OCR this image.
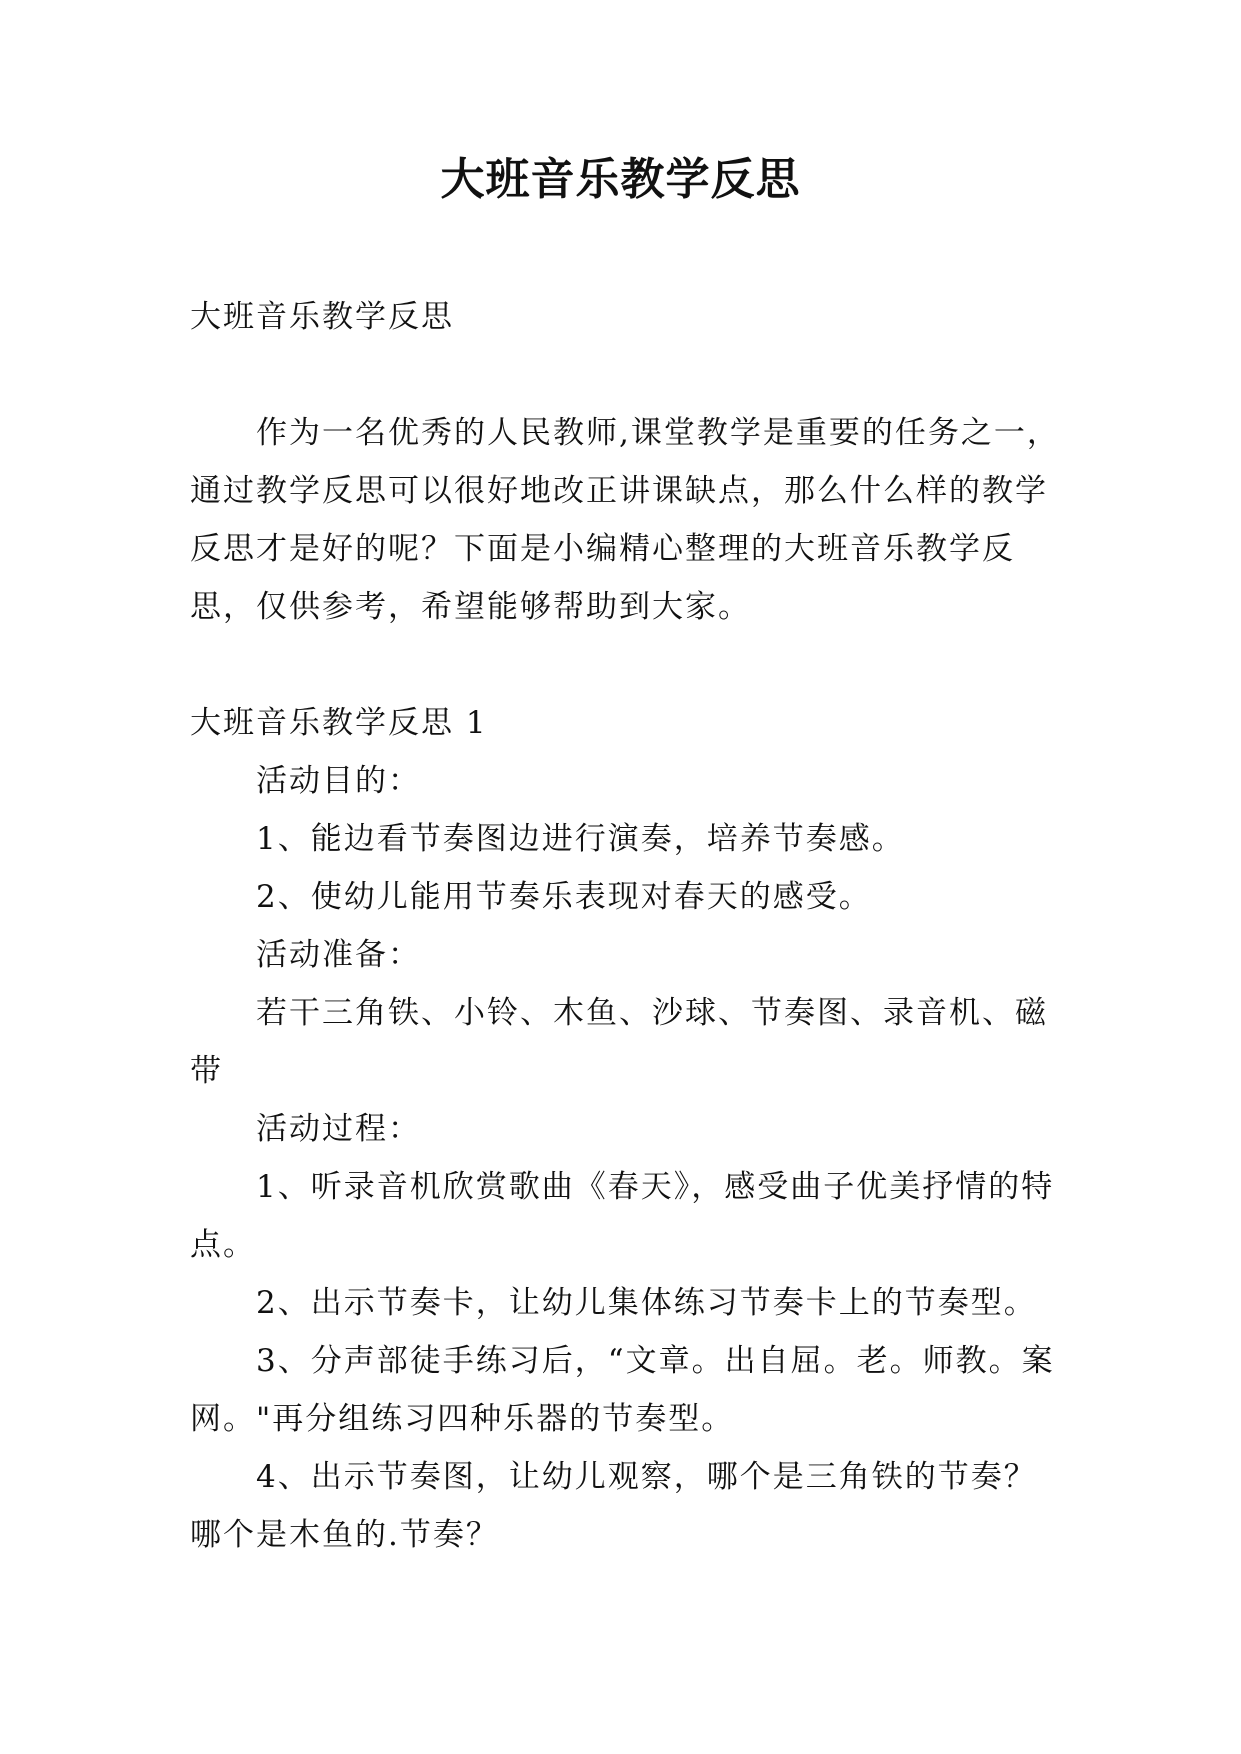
大班音乐教学反思
大班音乐教学反思
作为一名优秀的人民教师,课堂教学是重要的任务之一，
通过教学反思可以很好地改正讲课缺点，那么什么样的教学
反思才是好的呢？下面是小编精心整理的大班音乐教学反
思，仅供参考，希望能够帮助到大家。
大班音乐教学反思 1
活动目的：
1、能边看节奏图边进行演奏，培养节奏感。
2、使幼儿能用节奏乐表现对春天的感受。
活动准备：
若干三角铁、小铃、木鱼、沙球、节奏图、录音机、磁
带
活动过程：
1、听录音机欣赏歌曲《春天》，感受曲子优美抒情的特
点。
2、出示节奏卡，让幼儿集体练习节奏卡上的节奏型。
3、分声部徒手练习后，“文章。出自屈。老。师教。案
网。"再分组练习四种乐器的节奏型。
4、出示节奏图，让幼儿观察，哪个是三角铁的节奏？
哪个是木鱼的.节奏？
